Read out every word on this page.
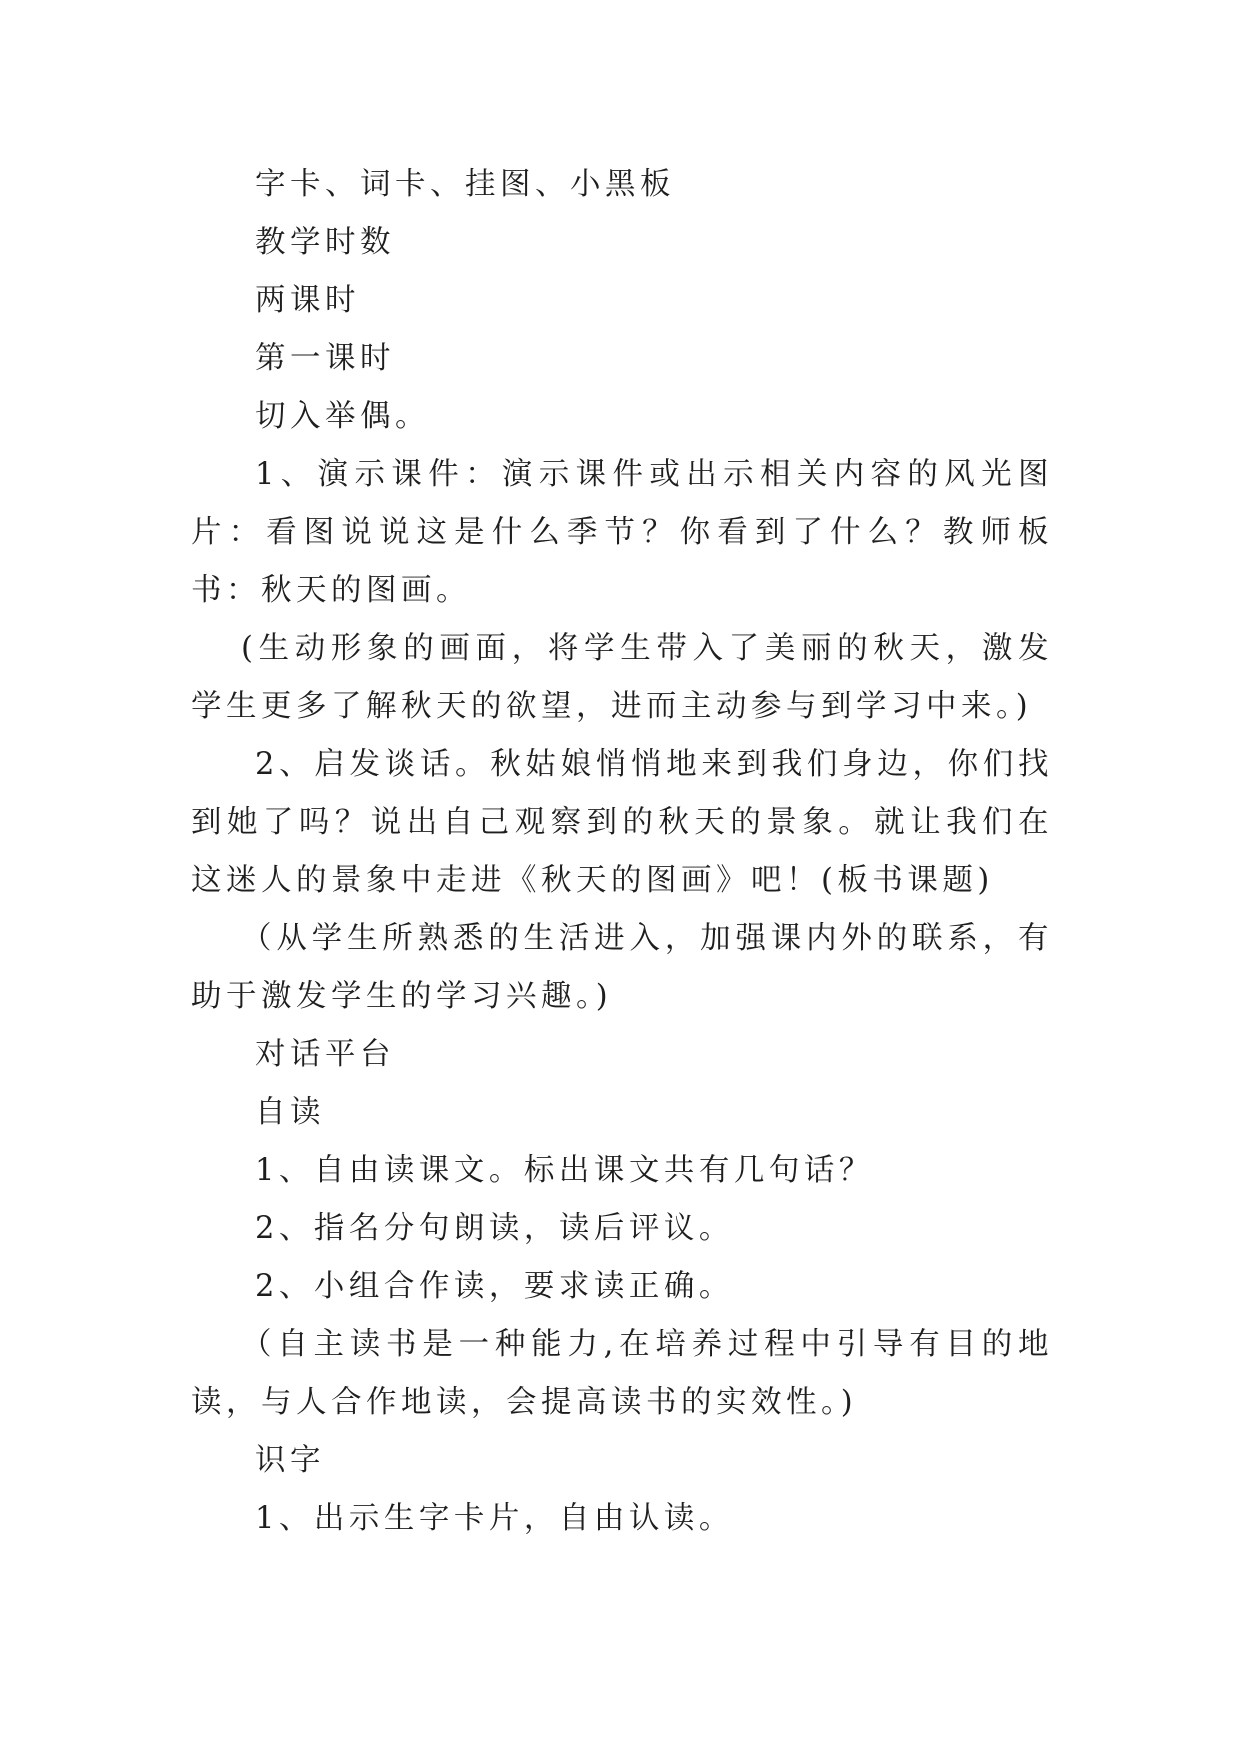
字卡、词卡、挂图、小黑板

教学时数

两课时

第一课时

切入举偶。

1、演示课件：演示课件或出示相关内容的风光图片：看图说说这是什么季节？你看到了什么？教师板书：秋天的图画。

(生动形象的画面，将学生带入了美丽的秋天，激发学生更多了解秋天的欲望，进而主动参与到学习中来。)

2、启发谈话。秋姑娘悄悄地来到我们身边，你们找到她了吗？说出自己观察到的秋天的景象。就让我们在这迷人的景象中走进《秋天的图画》吧！(板书课题)

（从学生所熟悉的生活进入，加强课内外的联系，有助于激发学生的学习兴趣。)

对话平台

自读

1、自由读课文。标出课文共有几句话？

2、指名分句朗读，读后评议。

2、小组合作读，要求读正确。

（自主读书是一种能力,在培养过程中引导有目的地读，与人合作地读，会提高读书的实效性。)

识字

1、出示生字卡片，自由认读。
